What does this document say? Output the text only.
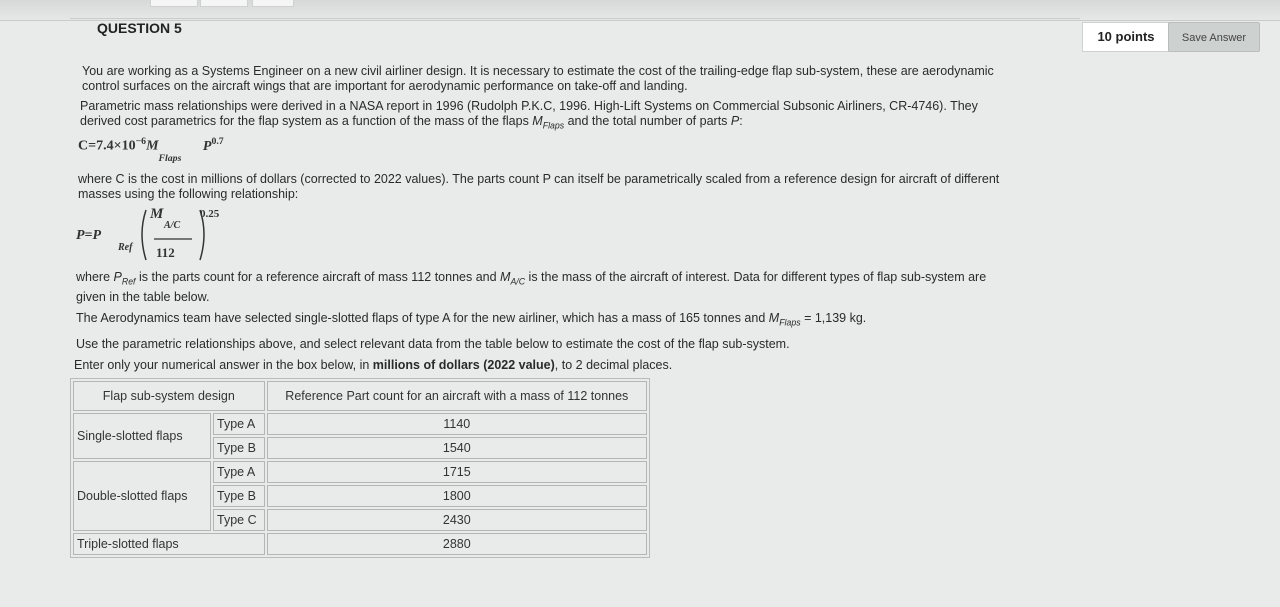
QUESTION 5
10 points	Save Answer
You are working as a Systems Engineer on a new civil airliner design. It is necessary to estimate the cost of the trailing-edge flap sub-system, these are aerodynamic control surfaces on the aircraft wings that are important for aerodynamic performance on take-off and landing.
Parametric mass relationships were derived in a NASA report in 1996 (Rudolph P.K.C, 1996. High-Lift Systems on Commercial Subsonic Airliners, CR-4746). They derived cost parametrics for the flap system as a function of the mass of the flaps $M_{Flaps}$ and the total number of parts P:
$C=7.4\times 10^{-6}M_{Flaps}$ $P^{0.7}$
where C is the cost in millions of dollars (corrected to 2022 values). The parts count P can itself be parametrically scaled from a reference design for aircraft of different masses using the following relationship:
P=P
Ref
M
A/C
112
0.25
where $P_{Ref}$ is the parts count for a reference aircraft of mass 112 tonnes and $M_{A/C}$ is the mass of the aircraft of interest. Data for different types of flap sub-system are given in the table below.
The Aerodynamics team have selected single-slotted flaps of type A for the new airliner, which has a mass of 165 tonnes and $M_{Flaps} = 1,139$ kg.
Use the parametric relationships above, and select relevant data from the table below to estimate the cost of the flap sub-system.
Enter only your numerical answer in the box below, in millions of dollars (2022 value), to 2 decimal places.
Flap sub-system design		Reference Part count for an aircraft with a mass of 112 tonnes
Single-slotted flaps	Type A	1140
	Type B	1540
Double-slotted flaps	Type A	1715
	Type B	1800
	Type C	2430
Triple-slotted flaps		2880
